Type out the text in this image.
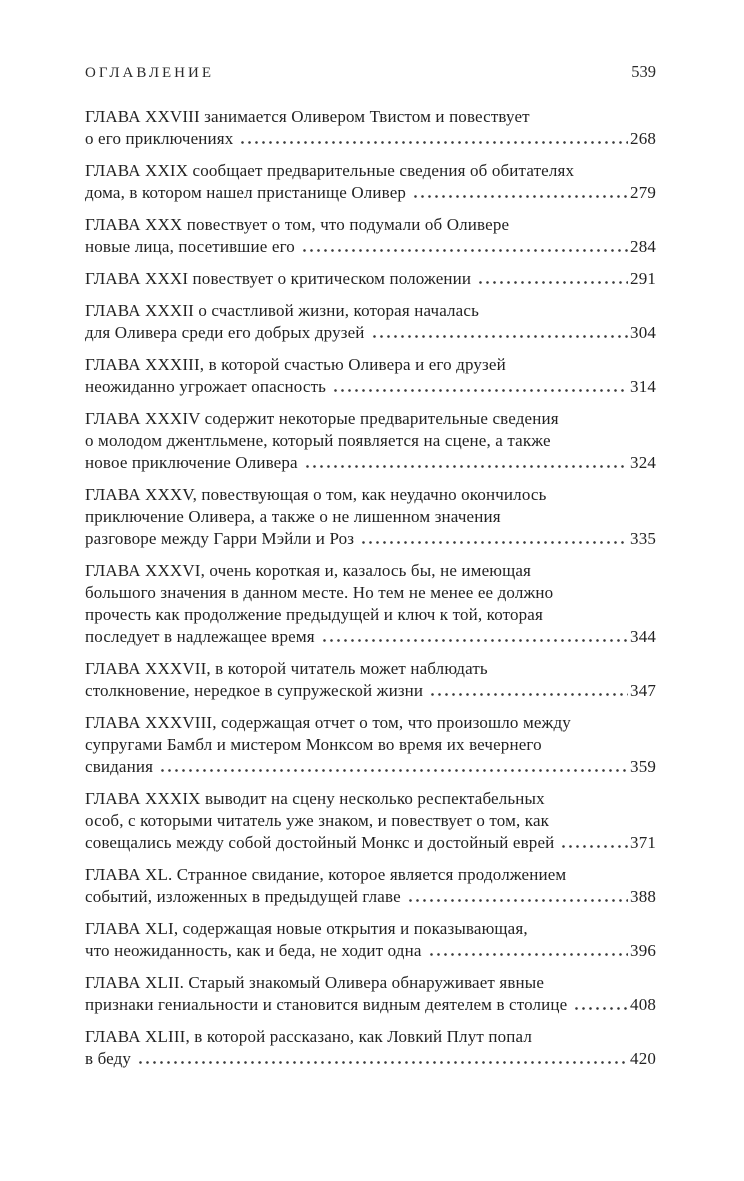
ОГЛАВЛЕНИЕ	539
ГЛАВА XXVIII занимается Оливером Твистом и повествует
о его приключениях	268
ГЛАВА XXIX сообщает предварительные сведения об обитателях
дома, в котором нашел пристанище Оливер	279
ГЛАВА XXX повествует о том, что подумали об Оливере
новые лица, посетившие его	284
ГЛАВА XXXI повествует о критическом положении	291
ГЛАВА XXXII о счастливой жизни, которая началась
для Оливера среди его добрых друзей	304
ГЛАВА XXXIII, в которой счастью Оливера и его друзей
неожиданно угрожает опасность	314
ГЛАВА XXXIV содержит некоторые предварительные сведения
о молодом джентльмене, который появляется на сцене, а также
новое приключение Оливера	324
ГЛАВА XXXV, повествующая о том, как неудачно окончилось
приключение Оливера, а также о не лишенном значения
разговоре между Гарри Мэйли и Роз	335
ГЛАВА XXXVI, очень короткая и, казалось бы, не имеющая
большого значения в данном месте. Но тем не менее ее должно
прочесть как продолжение предыдущей и ключ к той, которая
последует в надлежащее время	344
ГЛАВА XXXVII, в которой читатель может наблюдать
столкновение, нередкое в супружеской жизни	347
ГЛАВА XXXVIII, содержащая отчет о том, что произошло между
супругами Бамбл и мистером Монксом во время их вечернего
свидания	359
ГЛАВА XXXIX выводит на сцену несколько респектабельных
особ, с которыми читатель уже знаком, и повествует о том, как
совещались между собой достойный Монкс и достойный еврей	371
ГЛАВА XL. Странное свидание, которое является продолжением
событий, изложенных в предыдущей главе	388
ГЛАВА XLI, содержащая новые открытия и показывающая,
что неожиданность, как и беда, не ходит одна	396
ГЛАВА XLII. Старый знакомый Оливера обнаруживает явные
признаки гениальности и становится видным деятелем в столице	408
ГЛАВА XLIII, в которой рассказано, как Ловкий Плут попал
в беду	420
